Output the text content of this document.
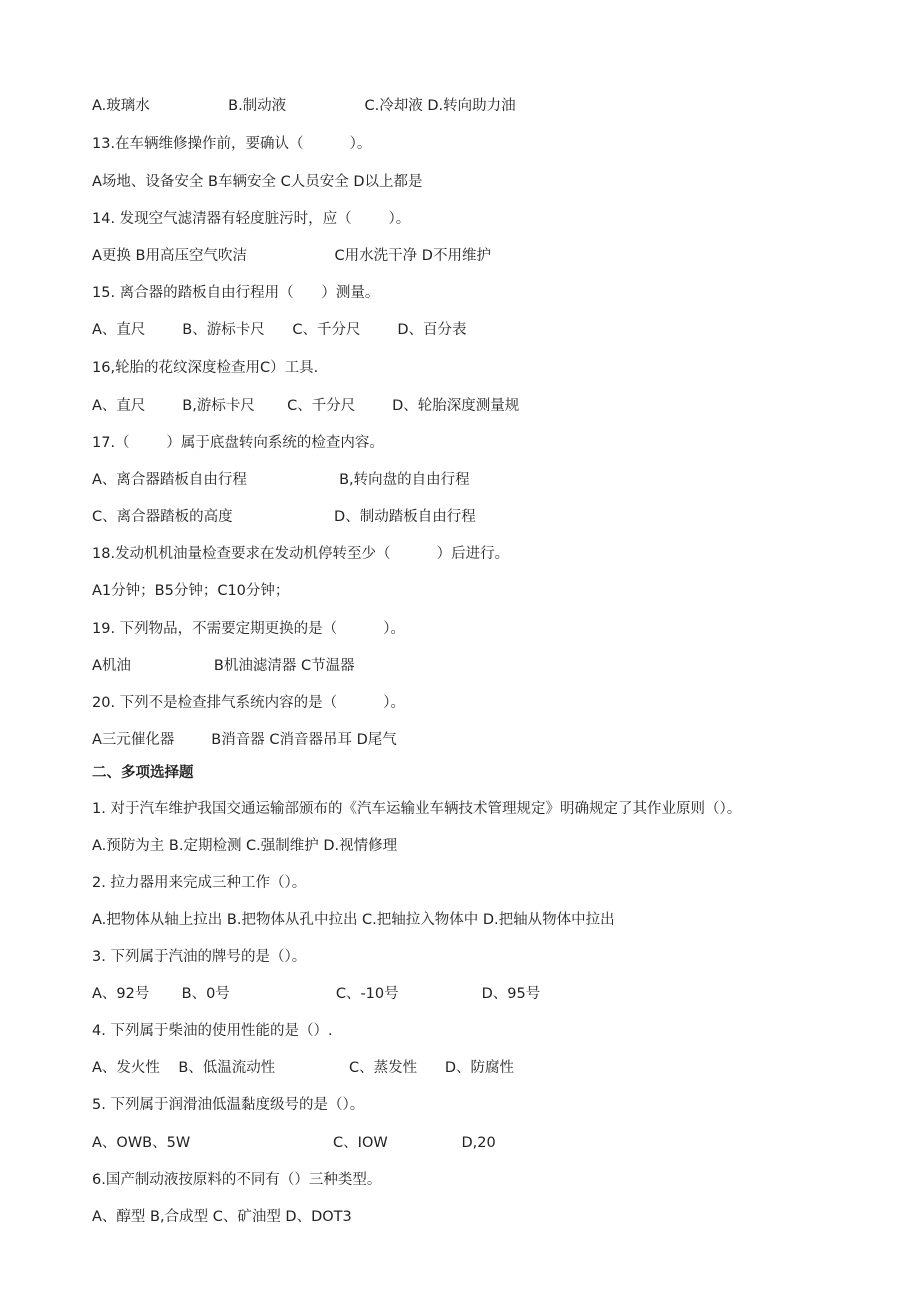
A.玻璃水                 B.制动液                 C.冷却液 D.转向助力油
13.在车辆维修操作前，要确认（          ）。
A场地、设备安全 B车辆安全 C人员安全 D以上都是
14. 发现空气滤清器有轻度脏污时，应（        ）。
A更换 B用高压空气吹洁                   C用水洗干净 D不用维护
15. 离合器的踏板自由行程用（      ）测量。
A、直尺        B、游标卡尺      C、千分尺        D、百分表
16,轮胎的花纹深度检查用C）工具.
A、直尺        B,游标卡尺       C、千分尺        D、轮胎深度测量规
17.（        ）属于底盘转向系统的检查内容。
A、离合器踏板自由行程                    B,转向盘的自由行程
C、离合器踏板的高度                      D、制动踏板自由行程
18.发动机机油量检查要求在发动机停转至少（          ）后进行。
A1分钟；B5分钟；C10分钟；
19. 下列物品，不需要定期更换的是（          ）。
A机油                  B机油滤清器 C节温器
20. 下列不是检查排气系统内容的是（          ）。
A三元催化器        B消音器 C消音器吊耳 D尾气
二、多项选择题
1. 对于汽车维护我国交通运输部颁布的《汽车运输业车辆技术管理规定》明确规定了其作业原则（）。
A.预防为主 B.定期检测 C.强制维护 D.视情修理
2. 拉力器用来完成三种工作（）。
A.把物体从轴上拉出 B.把物体从孔中拉出 C.把轴拉入物体中 D.把轴从物体中拉出
3. 下列属于汽油的牌号的是（）。
A、92号       B、0号                       C、-10号                  D、95号
4. 下列属于柴油的使用性能的是（）.
A、发火性    B、低温流动性                C、蒸发性      D、防腐性
5. 下列属于润滑油低温黏度级号的是（）。
A、OWB、5W                               C、IOW                D,20
6.国产制动液按原料的不同有（）三种类型。
A、醇型 B,合成型 C、矿油型 D、DOT3
